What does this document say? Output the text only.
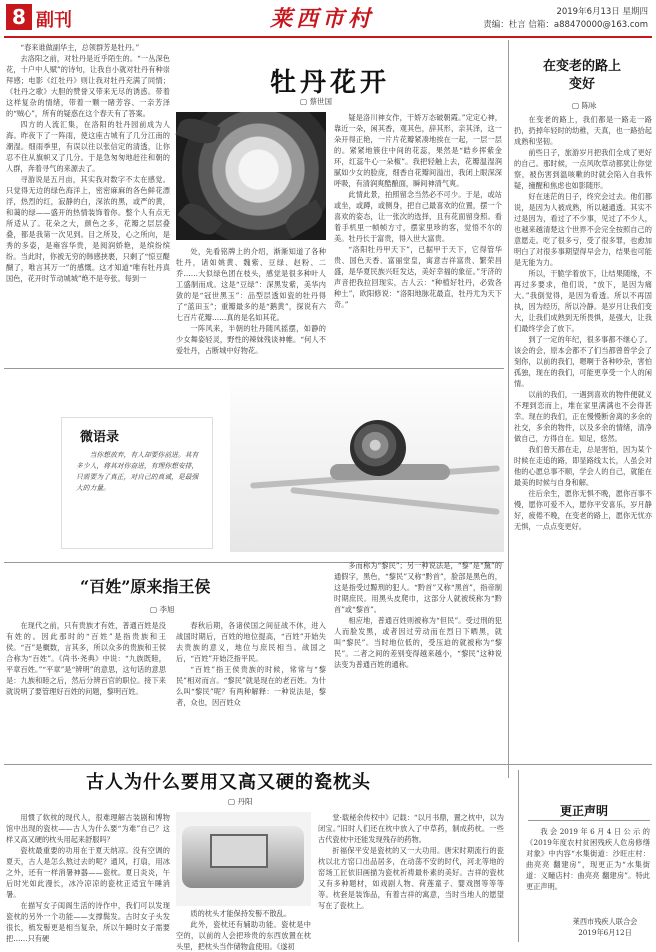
8 副刊	莱西市村	2019年6月13日 星期四
责编：杜言 信箱：a88470000@163.com

“春来谁做副华主，总领群芳是牡丹。”

去洛阳之前，对牡丹是近乎陌生的。“一丛深色花，十户中人赋”的诗句，让我自小就对牡丹有种崇拜感；电影《红牡丹》则让我对牡丹充满了同情；《牡丹之歌》大胆的赞誉又带来无尽的诱惑。带着这样复杂的情绪，带着一颗一睹芳容、一亲芳泽的“贼心”，所有的疑惑在这个春天有了答案。

四方的人流汇集，在洛阳的牡丹园前成为人海。昨夜下了一阵雨，使这座古城有了几分江南的潮湿。细雨季里，有误以往以张信定的清透，让你忍不住从旗帜又了几分。于是急匆匆地赶往和朝的人群，奔着寻气的来源去了。

寻游说是五月亩，其实我对数字不太在感觉。只觉得无边的绿色海洋上，密密麻麻的各色鲜花漂浮，热烈的红，寂静的白，深浓的黑，或严的黄，和蔼的绿——盛开的热情装饰着你。整个人有点无所适从了。花朵之大，颜色之多，花瓣之层层叠叠，都是我第一次见到。目之所及，心之所向，是秀的多姿，是雍容华贵，是阅润娇艳，是缤纷缤纷。当此时，你被无穷的韩感挟裹，只剩了“惊豆醍醐了，唯言其万一”的感慨。这才知道“唯有牡丹真国色，花开时节动城城”绝不是夸张。每到一

牡丹花开
▢ 蔡世国

处，先看铭牌上的介绍，渐渐知道了各种牡丹，诸如姚黄、魏紫、豆绿、赵粉、二乔……大似绿色团在枝头，感觉是很多种叶人工盛制而成。这是“豆绿”：深黑发紫，美华内敛的是“冠世黑玉”：品型层透如瓷的牡丹得了“蓝田玉”；重瓣最多的是“鹅黄”，探说有六七百片花瓣……真的是名如其花。

一阵风来，半朝的牡丹随风摇摆，如静的少女舞姿轻灵，野性的辣妹残谈神帷。“何人不爱牡丹，占断城中好物花。

疑是洛川神女作，干娇万态破朝霞。”定定心神，靠近一朵，闲其香，观其色，辞其形，亲其泽，这一朵开得正艳，一片片花瓣紧凑地挨在一起，一层一层的。紧紧地簇住中间的花蕊，果然是“皓乡挥紫金环，红蕊牛心一朵椒”。我把轻触上去，花瓣温湿润腻如少女的脸庞，细香自花瓣间溢出，我闭上眼深深呼吸，有清润爽酷酿面，瞬间神清气爽。

此情此景，拍照留念当然必不可少。于是，或站或坐，或蹲，或侧身，把自己最喜欢的位置，摆一个喜欢的姿态，让一张次的选择，且有花面留身照。看着手机里一帧帧方寸，摆家里珍的客，觉悟不尔的美。牡丹长于富贵，得入世大富贵。

“洛阳牡丹甲天下”，已据甲于天下，它得管华贵、国色天香、富丽堂皇，寓意吉祥富贵、繁荣昌盛，是华夏民族兴旺发达，美好幸福的象征。”牙济的声音把我拉回现实，古人云：“种植好牡丹，必致各种土”，欧阳修说：“洛阳地脉花最直，牡丹尤为天下奇。”

在变老的路上
变好
▢ 陈咏

在变老的路上，我们都是一路走一路扔，扔掉年轻时的幼稚，天真，也一路拾起成熟和坚韧。

前些日子，旅游岁月把我们全成了更好的自己。那时候，一点风吹草动都犹让你觉察，被伤害到温咳嗽的时就会陷入自我怀疑，撞醒和焦虑也如影随形。

好在迷茫的日子，终究会过去。他们都说，是因为人被成熟，所以越通透。其实不过是因为，看过了不少事，见过了不少人，也越来越清楚这个世界不会完全按照自己的意愿走。吃了很多亏，受了很多罪，也愈加明白了对很多事期望得早会力，结果也可能是无能为力。

所以，干脆学着放下，让结果随缘，不再过多要求，他们说，“放下，是因为痛大。”我倒觉得，是因为看透。所以不再固执，因为经历，所以冷静。是岁月让我们变大，让我们成熟到无所畏惧，是强大，让我们最终学会了放下。

到了一定的年纪，很多事都不继心了。该会的会，原本会都不了们当都曾曾学会了刻你，以前的我们，嗯啊于各种吵杂，害怕孤独，现在的我们，可能更享受一个人的闲情。

以前的我们，一遇到喜欢的物件便就义不理到恋而上，堆在家里满满也不会得甚幸。现在的我们，正在慢慢断舍离的多余的社交，多余的物件，以及多余的情绪，清净做自己，方得自在。知足，悠然。

我们曾天都在走，总是害怕，因为某个时候在走追的路，即显路线太长，人虽会对他的心愿总事不顺，学会人的自己，就能在最美的时候与自身和解。

往后余生，愿你无惧不晚，愿你百事不慢，愿你可爱不入，愿你平安喜乐，岁月静好，疲倦不晚，在变老的路上，愿你无忧亦无惧，一点点变更好。

微语录
当你想放弃，有人却要你前进。其有多少人，将其对你奋进，有理你想安排，只需要为了真正，对自己的真诚，是最强大的力量。
“百姓”原来指王侯
▢ 李旭

在现代之前，只有贵族才有姓，普通百姓是没有姓的。因此那时的“百姓”是指贵族和王侯。“百”是概数，言其多，所以众多的贵族和王侯合称为“百姓”。《尚书·尧典》中说：“九族既睦，平章百姓。”“平章”是“辨明”的意思，这句话的意思是：九族和睦之后，然后分辨百官的职位。接下来就说明了要管理好百姓的问题，黎明百姓。

春秋后期，各诸侯国之间征战不休，进入战国时期后，百姓的地位提高，“百姓”开始失去贵族的意义，地位与庶民相当。战国之后，“百姓”开始泛指平民。

“百姓”指王侯贵族的时候，常常与“黎民”相对而言。“黎民”就是现在的老百姓。为什么叫“黎民”呢？有两种解释：一种说法是，黎者，众也，因百姓众

多而称为“黎民”；另一种说法是，“黎”是“黧”的通假字，黑色，“黎民”又称“黔首”，脸部是黑色的，这是指受过黥刑的犯人。“黔首”又称“黑首”，指帝制时期庶民。用黑头皮爬巾，这部分人就被统称为“黔首”或“黎首”。

相应地，普通百姓则被称为“但民”。受过刑的犯人而脸发黑，或者因过劳动而在烈日下晒黑，就叫“黎民”。当时地位低的，受压迫的就被称为“黎民”。二者之间的差别变得越来越小，“黎民”这种说法变为普通百姓的通称。

古人为什么要用又高又硬的瓷枕头
▢ 丹阳

用惯了软枕的现代人，很难理解古装剧和博物馆中出现的瓷枕——古人为什么要“为难”自己？这样又高又硬的枕头用起来舒服吗？

瓷枕最重要的功用在于夏天纳凉。没有空调的夏天，古人是怎么熬过去的呢？通风，打扇，用冰之外，还有一样消暑神器——瓷枕。夏日炎炎，午后时光如此漫长，冰冷凉凉的瓷枕正适宜午睡消暑。

在描写女子闺阁生活的诗作中，我们可以发现瓷枕的另外一个功能——支撑鬓发。古时女子头发很长，梳发髻更是相当复杂，所以午睡时女子需要把……只有硬

质的枕头才能保持发髻不散乱。

此外，瓷枕还有辅助功能。瓷枕是中空的，以前的人会把珍贵的东西放置在枕头里，把枕头当作储物盒使用。《遂初

堂·载秘余传权中》记载：“以月书鼎，置之枕中，以为闭宝。”旧时人们还在枕中放入了中草药，制成药枕。一些古代瓷枕中还能发现残存的药物。

折福保平安是瓷枕的又一大功用。唐宋时期流行的瓷枕以北方窑口出品居多，在动荡不安的时代，河北等地的窑场工匠依旧画描为瓷枕祈祷最朴素的美好。吉祥的瓷枕又有多种题材，如戏剧人物、荷莲童子、婴戏图等等等等。枕套是装饰品，有着吉祥的寓意，当时当地人的愿望写在了瓷枕上。

更正声明

我会2019年6月4日公示的《2019年度农村贫困残疾人危房修缮对象》中内容“水集街道：沙旺庄村：曲亮亮 翻建房”，现更正为“水集街道：义疃店村：曲亮亮 翻建房”。特此更正声明。

莱西市残疾人联合会
2019年6月12日
